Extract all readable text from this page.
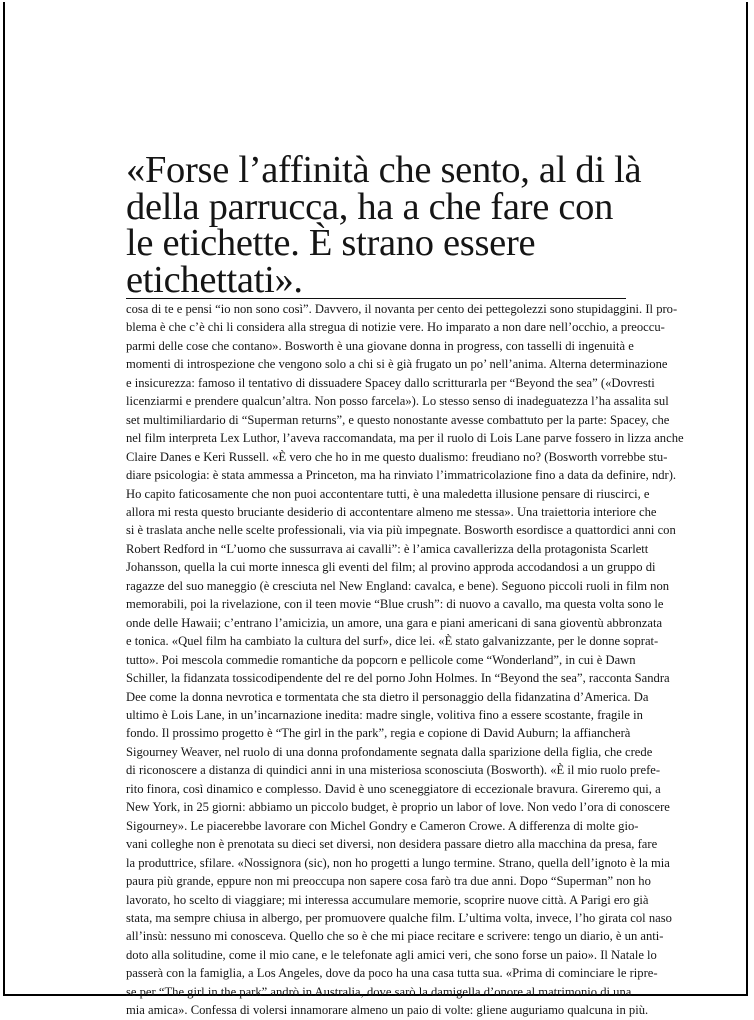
«Forse l’affinità che sento, al di là della parrucca, ha a che fare con le etichette. È strano essere etichettati».
cosa di te e pensi “io non sono così”. Davvero, il novanta per cento dei pettegolezzi sono stupidaggini. Il pro-
blema è che c’è chi li considera alla stregua di notizie vere. Ho imparato a non dare nell’occhio, a preoccu-
parmi delle cose che contano». Bosworth è una giovane donna in progress, con tasselli di ingenuità e
momenti di introspezione che vengono solo a chi si è già frugato un po’ nell’anima. Alterna determinazione
e insicurezza: famoso il tentativo di dissuadere Spacey dallo scritturarla per “Beyond the sea” («Dovresti
licenziarmi e prendere qualcun’altra. Non posso farcela»). Lo stesso senso di inadeguatezza l’ha assalita sul
set multimiliardario di “Superman returns”, e questo nonostante avesse combattuto per la parte: Spacey, che
nel film interpreta Lex Luthor, l’aveva raccomandata, ma per il ruolo di Lois Lane parve fossero in lizza anche
Claire Danes e Keri Russell. «È vero che ho in me questo dualismo: freudiano no? (Bosworth vorrebbe stu-
diare psicologia: è stata ammessa a Princeton, ma ha rinviato l’immatricolazione fino a data da definire, ndr).
Ho capito faticosamente che non puoi accontentare tutti, è una maledetta illusione pensare di riuscirci, e
allora mi resta questo bruciante desiderio di accontentare almeno me stessa». Una traiettoria interiore che
si è traslata anche nelle scelte professionali, via via più impegnate. Bosworth esordisce a quattordici anni con
Robert Redford in “L’uomo che sussurrava ai cavalli”: è l’amica cavallerizza della protagonista Scarlett
Johansson, quella la cui morte innesca gli eventi del film; al provino approda accodandosi a un gruppo di
ragazze del suo maneggio (è cresciuta nel New England: cavalca, e bene). Seguono piccoli ruoli in film non
memorabili, poi la rivelazione, con il teen movie “Blue crush”: di nuovo a cavallo, ma questa volta sono le
onde delle Hawaii; c’entrano l’amicizia, un amore, una gara e piani americani di sana gioventù abbronzata
e tonica. «Quel film ha cambiato la cultura del surf», dice lei. «È stato galvanizzante, per le donne soprat-
tutto». Poi mescola commedie romantiche da popcorn e pellicole come “Wonderland”, in cui è Dawn
Schiller, la fidanzata tossicodipendente del re del porno John Holmes. In “Beyond the sea”, racconta Sandra
Dee come la donna nevrotica e tormentata che sta dietro il personaggio della fidanzatina d’America. Da
ultimo è Lois Lane, in un’incarnazione inedita: madre single, volitiva fino a essere scostante, fragile in
fondo. Il prossimo progetto è “The girl in the park”, regia e copione di David Auburn; la affiancherà
Sigourney Weaver, nel ruolo di una donna profondamente segnata dalla sparizione della figlia, che crede
di riconoscere a distanza di quindici anni in una misteriosa sconosciuta (Bosworth). «È il mio ruolo prefe-
rito finora, così dinamico e complesso. David è uno sceneggiatore di eccezionale bravura. Gireremo qui, a
New York, in 25 giorni: abbiamo un piccolo budget, è proprio un labor of love. Non vedo l’ora di conoscere
Sigourney». Le piacerebbe lavorare con Michel Gondry e Cameron Crowe. A differenza di molte gio-
vani colleghe non è prenotata su dieci set diversi, non desidera passare dietro alla macchina da presa, fare
la produttrice, sfilare. «Nossignora (sic), non ho progetti a lungo termine. Strano, quella dell’ignoto è la mia
paura più grande, eppure non mi preoccupa non sapere cosa farò tra due anni. Dopo “Superman” non ho
lavorato, ho scelto di viaggiare; mi interessa accumulare memorie, scoprire nuove città. A Parigi ero già
stata, ma sempre chiusa in albergo, per promuovere qualche film. L’ultima volta, invece, l’ho girata col naso
all’insù: nessuno mi conosceva. Quello che so è che mi piace recitare e scrivere: tengo un diario, è un anti-
doto alla solitudine, come il mio cane, e le telefonate agli amici veri, che sono forse un paio». Il Natale lo
passerà con la famiglia, a Los Angeles, dove da poco ha una casa tutta sua. «Prima di cominciare le ripre-
se per “The girl in the park” andrò in Australia, dove sarò la damigella d’onore al matrimonio di una
mia amica». Confessa di volersi innamorare almeno un paio di volte: gliene auguriamo qualcuna in più.
